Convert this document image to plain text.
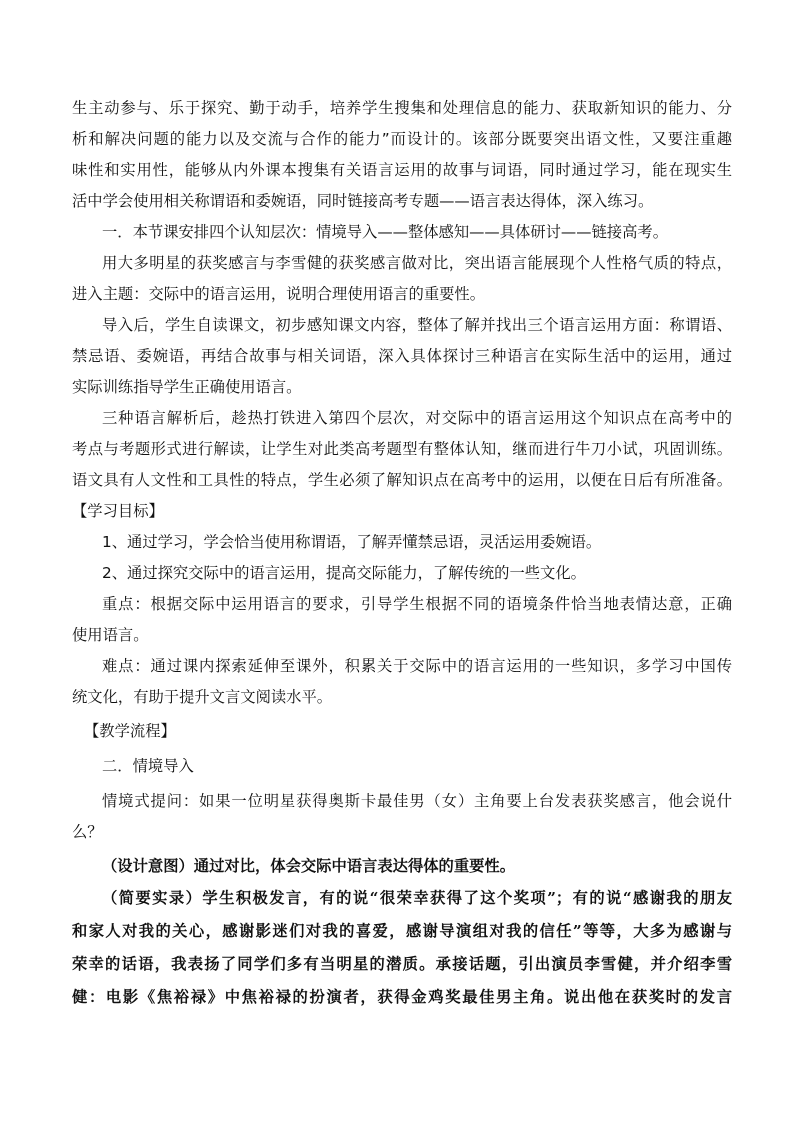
生主动参与、乐于探究、勤于动手，培养学生搜集和处理信息的能力、获取新知识的能力、分
析和解决问题的能力以及交流与合作的能力”而设计的。该部分既要突出语文性，又要注重趣
味性和实用性，能够从内外课本搜集有关语言运用的故事与词语，同时通过学习，能在现实生
活中学会使用相关称谓语和委婉语，同时链接高考专题——语言表达得体，深入练习。
一．本节课安排四个认知层次：情境导入——整体感知——具体研讨——链接高考。
用大多明星的获奖感言与李雪健的获奖感言做对比，突出语言能展现个人性格气质的特点，
进入主题：交际中的语言运用，说明合理使用语言的重要性。
导入后，学生自读课文，初步感知课文内容，整体了解并找出三个语言运用方面：称谓语、
禁忌语、委婉语，再结合故事与相关词语，深入具体探讨三种语言在实际生活中的运用，通过
实际训练指导学生正确使用语言。
三种语言解析后，趁热打铁进入第四个层次，对交际中的语言运用这个知识点在高考中的
考点与考题形式进行解读，让学生对此类高考题型有整体认知，继而进行牛刀小试，巩固训练。
语文具有人文性和工具性的特点，学生必须了解知识点在高考中的运用，以便在日后有所准备。
【学习目标】
1、通过学习，学会恰当使用称谓语，了解弄懂禁忌语，灵活运用委婉语。
2、通过探究交际中的语言运用，提高交际能力，了解传统的一些文化。
重点：根据交际中运用语言的要求，引导学生根据不同的语境条件恰当地表情达意，正确
使用语言。
难点：通过课内探索延伸至课外，积累关于交际中的语言运用的一些知识，多学习中国传
统文化，有助于提升文言文阅读水平。
【教学流程】
二．情境导入
情境式提问：如果一位明星获得奥斯卡最佳男（女）主角要上台发表获奖感言，他会说什
么？
（设计意图）通过对比，体会交际中语言表达得体的重要性。
（简要实录）学生积极发言，有的说“很荣幸获得了这个奖项”；有的说“感谢我的朋友
和家人对我的关心，感谢影迷们对我的喜爱，感谢导演组对我的信任”等等，大多为感谢与
荣幸的话语，我表扬了同学们多有当明星的潜质。承接话题，引出演员李雪健，并介绍李雪
健：电影《焦裕禄》中焦裕禄的扮演者，获得金鸡奖最佳男主角。说出他在获奖时的发言
